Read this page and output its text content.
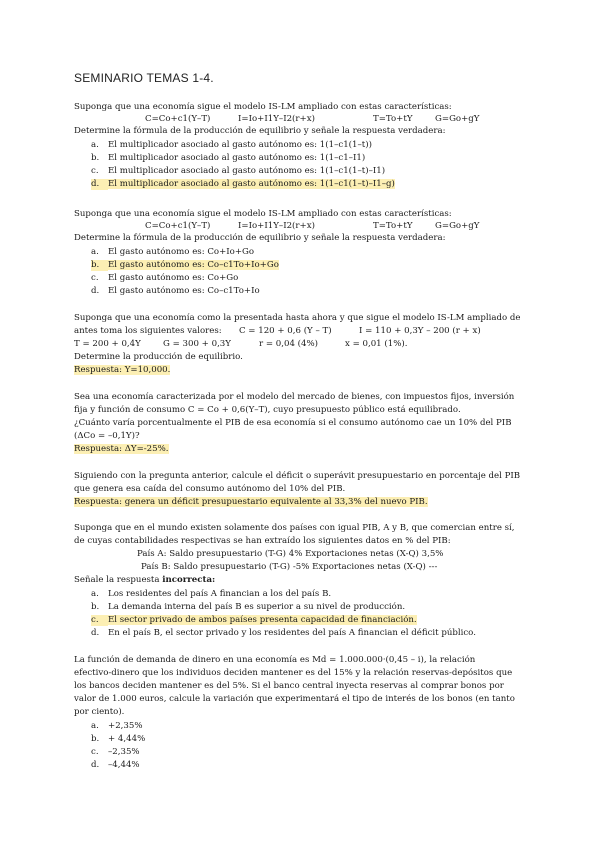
SEMINARIO TEMAS 1-4.
Suponga que una economía sigue el modelo IS-LM ampliado con estas características:
C=Co+c1(Y–T)	I=Io+I1Y–I2(r+x)	T=To+tY	G=Go+gY
Determine la fórmula de la producción de equilibrio y señale la respuesta verdadera:
a. El multiplicador asociado al gasto autónomo es: 1(1–c1(1–t))
b. El multiplicador asociado al gasto autónomo es: 1(1–c1–I1)
c. El multiplicador asociado al gasto autónomo es: 1(1–c1(1–t)–I1)
d. El multiplicador asociado al gasto autónomo es: 1(1–c1(1–t)–I1–g)
Suponga que una economía sigue el modelo IS-LM ampliado con estas características:
C=Co+c1(Y–T)	I=Io+I1Y–I2(r+x)	T=To+tY	G=Go+gY
Determine la fórmula de la producción de equilibrio y señale la respuesta verdadera:
a. El gasto autónomo es: Co+Io+Go
b. El gasto autónomo es: Co–c1To+Io+Go
c. El gasto autónomo es: Co+Go
d. El gasto autónomo es: Co–c1To+Io
Suponga que una economía como la presentada hasta ahora y que sigue el modelo IS-LM ampliado de
antes toma los siguientes valores: C = 120 + 0,6 (Y – T)	I = 110 + 0,3Y – 200 (r + x)
T = 200 + 0,4Y	G = 300 + 0,3Y	r = 0,04 (4%)	x = 0,01 (1%).
Determine la producción de equilibrio.
Respuesta: Y=10,000.
Sea una economía caracterizada por el modelo del mercado de bienes, con impuestos fijos, inversión
fija y función de consumo C = Co + 0,6(Y–T), cuyo presupuesto público está equilibrado.
¿Cuánto varía porcentualmente el PIB de esa economía si el consumo autónomo cae un 10% del PIB
(ΔCo = –0,1Y)?
Respuesta: ΔY=-25%.
Siguiendo con la pregunta anterior, calcule el déficit o superávit presupuestario en porcentaje del PIB
que genera esa caída del consumo autónomo del 10% del PIB.
Respuesta: genera un déficit presupuestario equivalente al 33,3% del nuevo PIB.
Suponga que en el mundo existen solamente dos países con igual PIB, A y B, que comercian entre sí,
de cuyas contabilidades respectivas se han extraído los siguientes datos en % del PIB:
País A: Saldo presupuestario (T-G) 4% Exportaciones netas (X-Q) 3,5%
País B: Saldo presupuestario (T-G) -5% Exportaciones netas (X-Q) ---
Señale la respuesta incorrecta:
a. Los residentes del país A financian a los del país B.
b. La demanda interna del país B es superior a su nivel de producción.
c. El sector privado de ambos países presenta capacidad de financiación.
d. En el país B, el sector privado y los residentes del país A financian el déficit público.
La función de demanda de dinero en una economía es Md = 1.000.000·(0,45 – i), la relación
efectivo-dinero que los individuos deciden mantener es del 15% y la relación reservas-depósitos que
los bancos deciden mantener es del 5%. Si el banco central inyecta reservas al comprar bonos por
valor de 1.000 euros, calcule la variación que experimentará el tipo de interés de los bonos (en tanto
por ciento).
a. +2,35%
b. + 4,44%
c. –2,35%
d. –4,44%
